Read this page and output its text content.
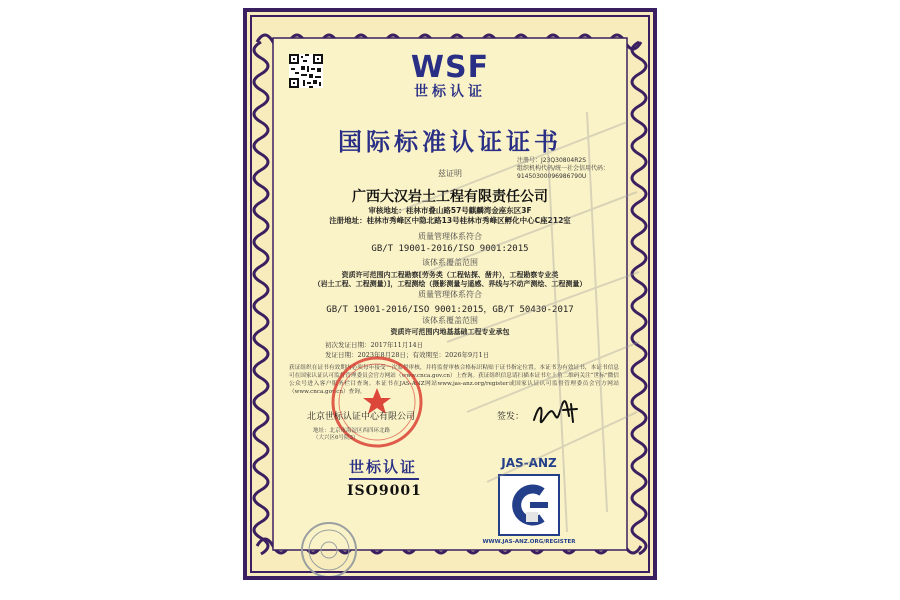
WSF
世标认证
国际标准认证证书
注册号：J23Q30804R2S
组织机构代码/统一社会信用代码：
91450300096986790U
兹证明
广西大汉岩土工程有限责任公司
审核地址：桂林市叠山路57号麒麟湾金座东区3F
注册地址：桂林市秀峰区中隐北路13号桂林市秀峰区孵化中心C座212室
质量管理体系符合
GB/T 19001-2016/ISO 9001:2015
该体系覆盖范围
资质许可范围内工程勘察[劳务类（工程钻探、凿井），工程勘察专业类
（岩土工程、工程测量）]，工程测绘（摄影测量与遥感、界线与不动产测绘、工程测量）
质量管理体系符合
GB/T 19001-2016/ISO 9001:2015，GB/T 50430-2017
该体系覆盖范围
资质许可范围内地基基础工程专业承包
初次发证日期：2017年11月14日
发证日期：2023年8月28日；有效期至：2026年9月1日
获证组织在证书有效期内必须每年接受一次监督审核，并将监督审核合格标识粘贴于证书指定位置。本证书为有效证书，本证书信息可在国家认证认可监督管理委员会官方网站（www.cnca.gov.cn）上查询。获证组织信息请扫描本证书左上角二维码关注“世标”微信公众号进入客户服务栏目查询。本证书在JAS-ANZ网站www.jas-anz.org/register或国家认证认可监督管理委员会官方网站（www.cnca.gov.cn）查询。
北京世标认证中心有限公司
地址：北京市海淀区西四环北路
（大兴区6号院3）
签发：
世标认证
ISO9001
JAS-ANZ
WWW.JAS-ANZ.ORG/REGISTER
